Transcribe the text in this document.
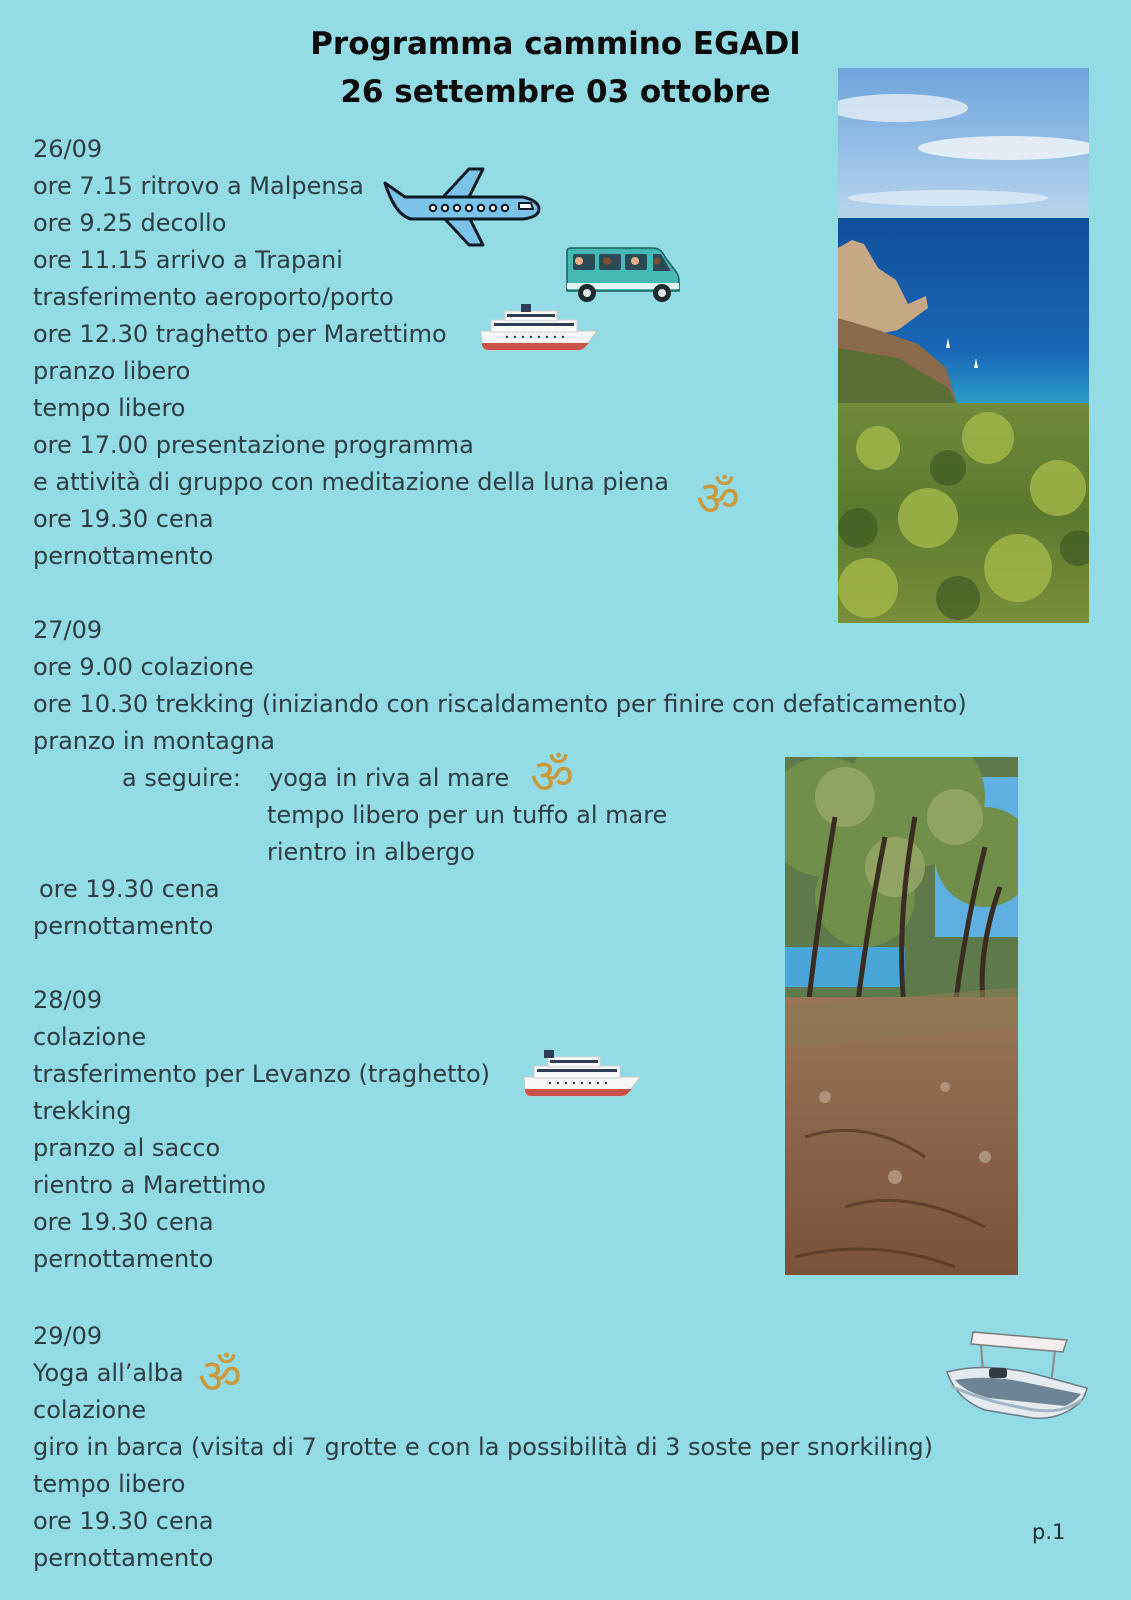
Programma cammino EGADI
26 settembre 03 ottobre
26/09
ore 7.15 ritrovo a Malpensa
ore 9.25 decollo
ore 11.15 arrivo a Trapani
trasferimento aeroporto/porto
ore 12.30 traghetto per Marettimo
pranzo libero
tempo libero
ore 17.00 presentazione programma
e attività di gruppo con meditazione della luna piena
ore 19.30 cena
pernottamento
27/09
ore 9.00 colazione
ore 10.30 trekking (iniziando con riscaldamento per finire con defaticamento)
pranzo in montagna
a seguire: yoga in riva al mare
tempo libero per un tuffo al mare
rientro in albergo
ore 19.30 cena
pernottamento
28/09
colazione
trasferimento per Levanzo (traghetto)
trekking
pranzo al sacco
rientro a Marettimo
ore 19.30 cena
pernottamento
29/09
Yoga all’alba
colazione
giro in barca (visita di 7 grotte e con la possibilità di 3 soste per snorkiling)
tempo libero
ore 19.30 cena
pernottamento
p.1
ॐ
ॐ
ॐ
